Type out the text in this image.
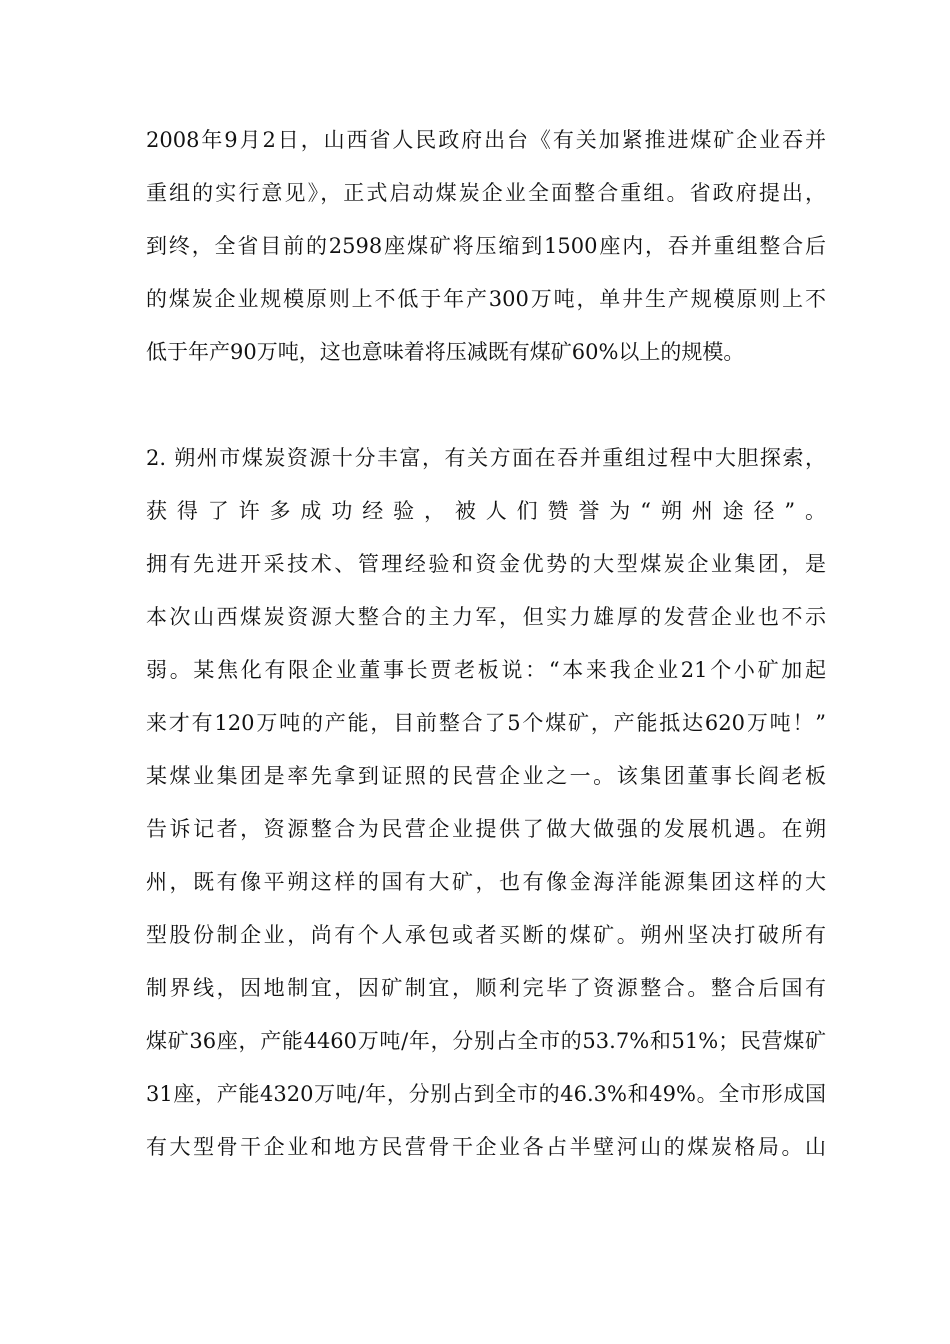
2008年9月2日，山西省人民政府出台《有关加紧推进煤矿企业吞并
重组的实行意见》，正式启动煤炭企业全面整合重组。省政府提出，
到终，全省目前的2598座煤矿将压缩到1500座内，吞并重组整合后
的煤炭企业规模原则上不低于年产300万吨，单井生产规模原则上不
低于年产90万吨，这也意味着将压减既有煤矿60%以上的规模。
2. 朔州市煤炭资源十分丰富，有关方面在吞并重组过程中大胆探索，
获得了许多成功经验，被人们赞誉为“朔州途径”。
拥有先进开采技术、管理经验和资金优势的大型煤炭企业集团，是
本次山西煤炭资源大整合的主力军，但实力雄厚的发营企业也不示
弱。某焦化有限企业董事长贾老板说：“本来我企业21个小矿加起
来才有120万吨的产能，目前整合了5个煤矿，产能抵达620万吨！”
某煤业集团是率先拿到证照的民营企业之一。该集团董事长阎老板
告诉记者，资源整合为民营企业提供了做大做强的发展机遇。在朔
州，既有像平朔这样的国有大矿，也有像金海洋能源集团这样的大
型股份制企业，尚有个人承包或者买断的煤矿。朔州坚决打破所有
制界线，因地制宜，因矿制宜，顺利完毕了资源整合。整合后国有
煤矿36座，产能4460万吨/年，分别占全市的53.7%和51%；民营煤矿
31座，产能4320万吨/年，分别占到全市的46.3%和49%。全市形成国
有大型骨干企业和地方民营骨干企业各占半壁河山的煤炭格局。山
